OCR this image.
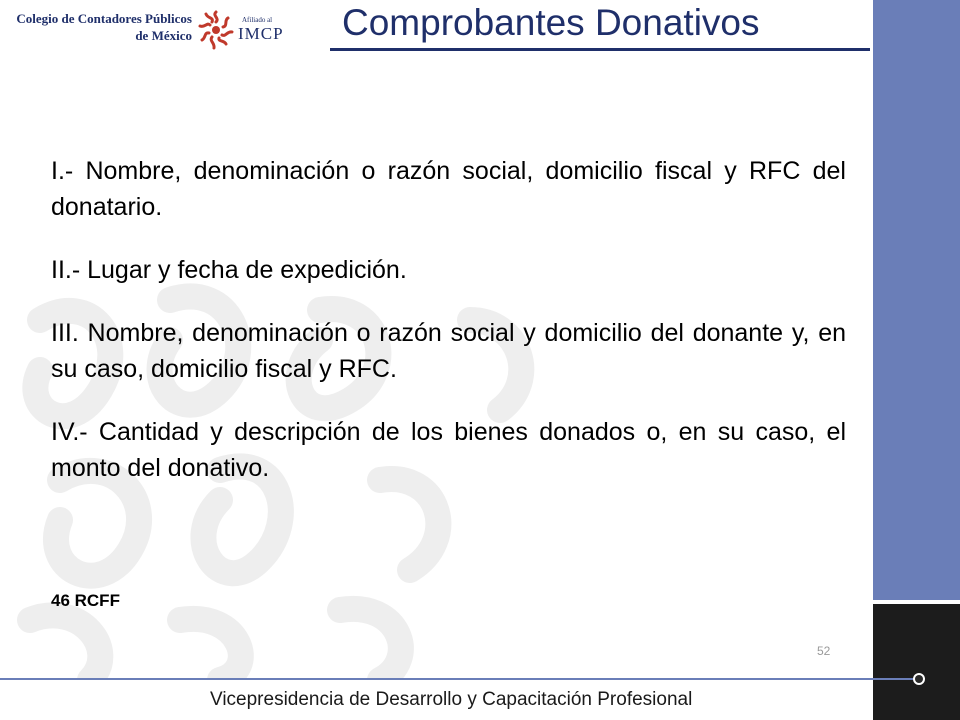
Colegio de Contadores Públicos
de México
Afiliado al
IMCP Comprobantes Donativos

I.- Nombre, denominación o razón social, domicilio fiscal y RFC del donatario.

II.- Lugar y fecha de expedición.

III. Nombre, denominación o razón social y domicilio del donante y, en su caso, domicilio fiscal y RFC.

IV.- Cantidad y descripción de los bienes donados o, en su caso, el monto del donativo.

46 RCFF
52
Vicepresidencia de Desarrollo y Capacitación Profesional
